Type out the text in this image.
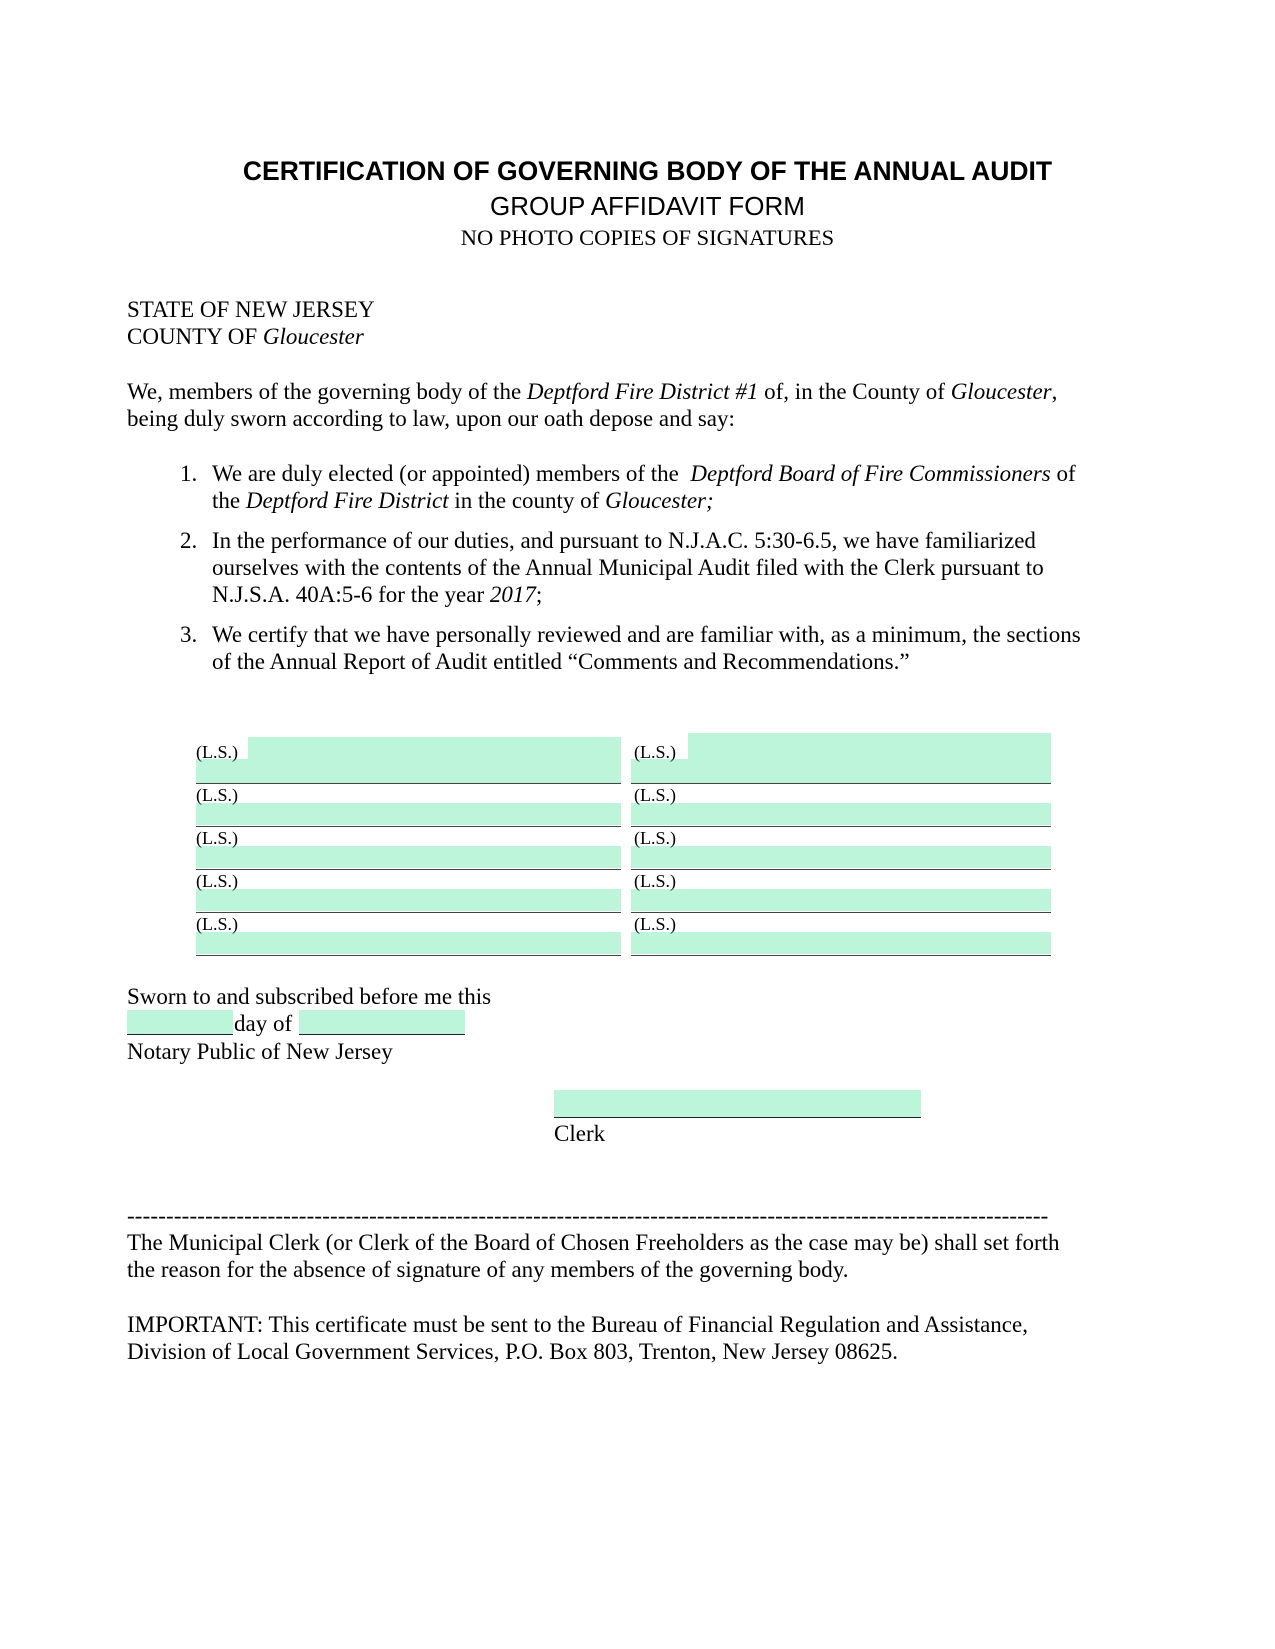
CERTIFICATION OF GOVERNING BODY OF THE ANNUAL AUDIT
GROUP AFFIDAVIT FORM
NO PHOTO COPIES OF SIGNATURES
STATE OF NEW JERSEY
COUNTY OF Gloucester
We, members of the governing body of the Deptford Fire District #1 of, in the County of Gloucester,
being duly sworn according to law, upon our oath depose and say:
1. We are duly elected (or appointed) members of the  Deptford Board of Fire Commissioners of
the Deptford Fire District in the county of Gloucester;
2. In the performance of our duties, and pursuant to N.J.A.C. 5:30-6.5, we have familiarized
ourselves with the contents of the Annual Municipal Audit filed with the Clerk pursuant to
N.J.S.A. 40A:5-6 for the year 2017;
3. We certify that we have personally reviewed and are familiar with, as a minimum, the sections
of the Annual Report of Audit entitled “Comments and Recommendations.”
(L.S.)	(L.S.)
(L.S.)	(L.S.)
(L.S.)	(L.S.)
(L.S.)	(L.S.)
(L.S.)	(L.S.)
Sworn to and subscribed before me this
day of
Notary Public of New Jersey
Clerk
----------------------------------------------------------------------------------------------------------------------
The Municipal Clerk (or Clerk of the Board of Chosen Freeholders as the case may be) shall set forth
the reason for the absence of signature of any members of the governing body.
IMPORTANT: This certificate must be sent to the Bureau of Financial Regulation and Assistance,
Division of Local Government Services, P.O. Box 803, Trenton, New Jersey 08625.
